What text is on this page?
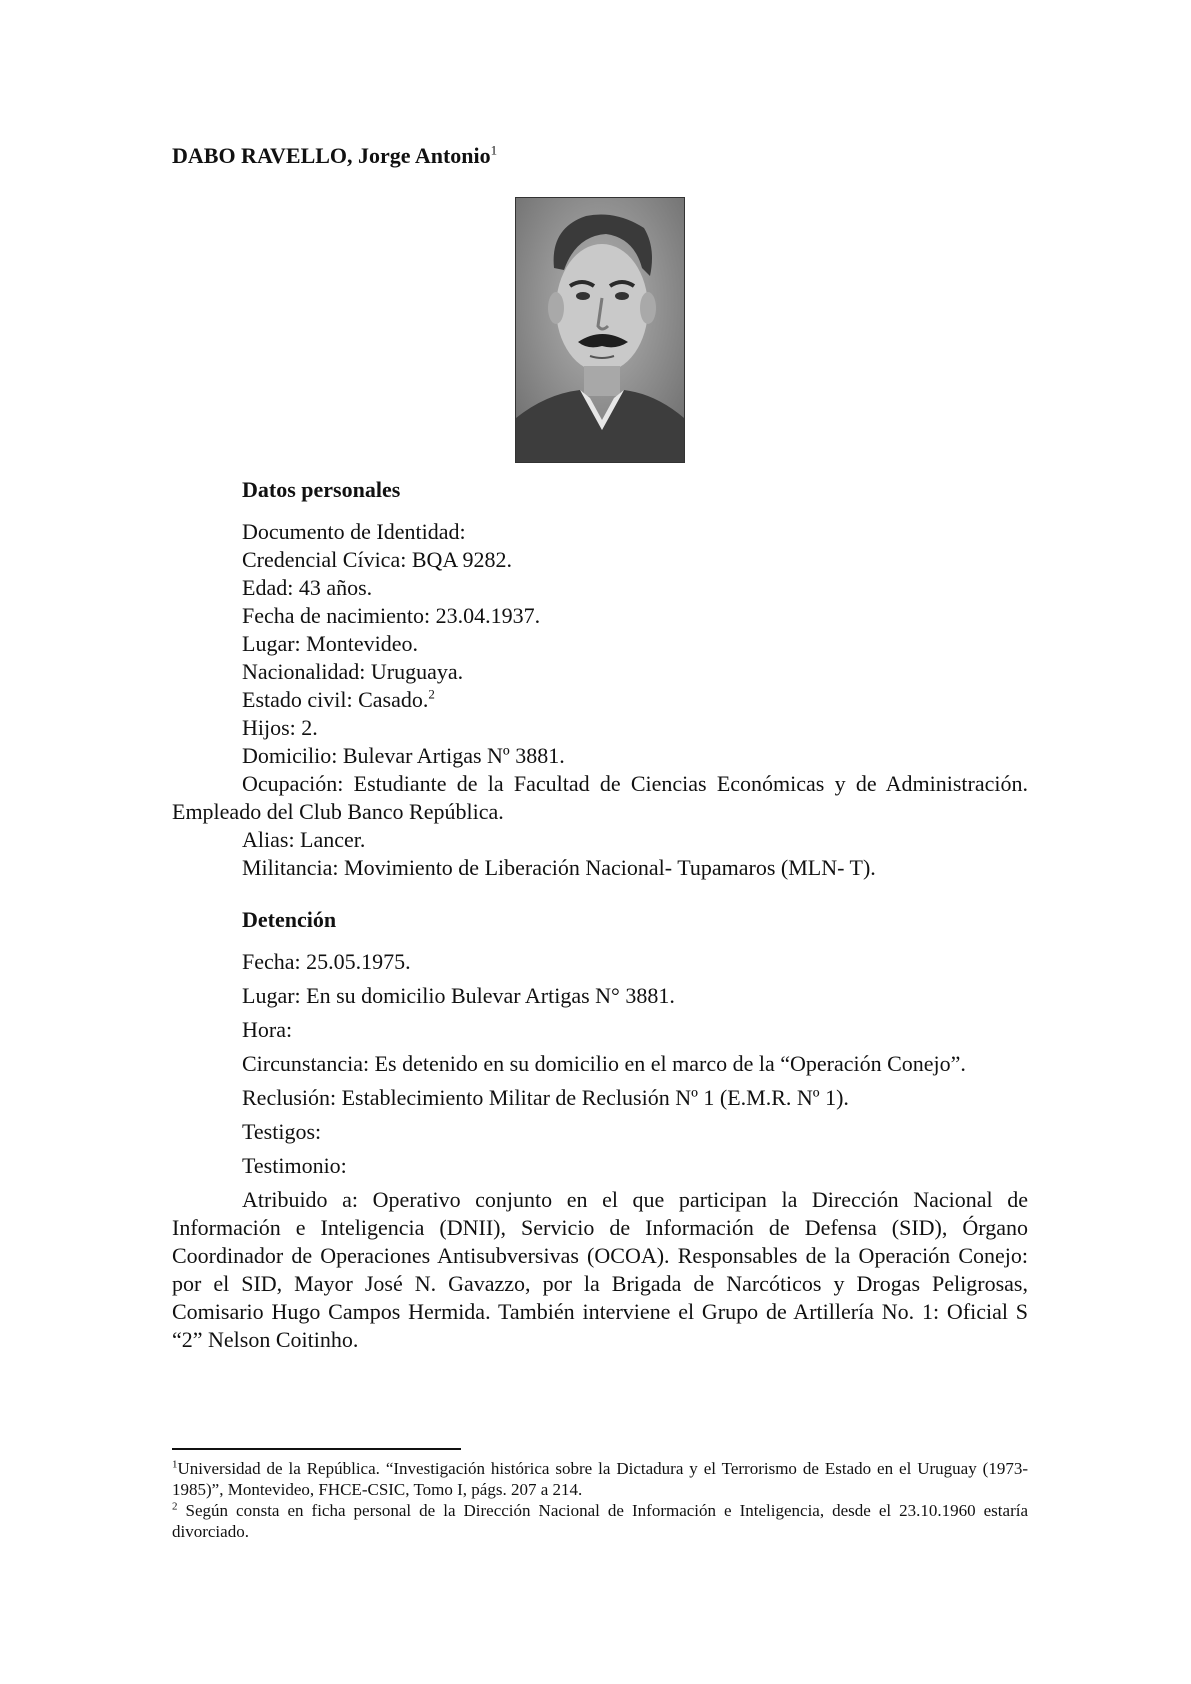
DABO RAVELLO, Jorge Antonio$^1$
Datos personales
Documento de Identidad:
Credencial Cívica: BQA 9282.
Edad: 43 años.
Fecha de nacimiento: 23.04.1937.
Lugar: Montevideo.
Nacionalidad: Uruguaya.
Estado civil: Casado.$^2$
Hijos: 2.
Domicilio: Bulevar Artigas Nº 3881.
Ocupación: Estudiante de la Facultad de Ciencias Económicas y de Administración. Empleado del Club Banco República.
Alias: Lancer.
Militancia: Movimiento de Liberación Nacional- Tupamaros (MLN- T).
Detención
Fecha: 25.05.1975.
Lugar: En su domicilio Bulevar Artigas N° 3881.
Hora:
Circunstancia: Es detenido en su domicilio en el marco de la “Operación Conejo”.
Reclusión: Establecimiento Militar de Reclusión Nº 1 (E.M.R. Nº 1).
Testigos:
Testimonio:
Atribuido a: Operativo conjunto en el que participan la Dirección Nacional de Información e Inteligencia (DNII), Servicio de Información de Defensa (SID), Órgano Coordinador de Operaciones Antisubversivas (OCOA). Responsables de la Operación Conejo: por el SID, Mayor José N. Gavazzo, por la Brigada de Narcóticos y Drogas Peligrosas, Comisario Hugo Campos Hermida. También interviene el Grupo de Artillería No. 1: Oficial S “2” Nelson Coitinho.
$^1$Universidad de la República. “Investigación histórica sobre la Dictadura y el Terrorismo de Estado en el Uruguay (1973-1985)”, Montevideo, FHCE-CSIC, Tomo I, págs. 207 a 214.
$^2$ Según consta en ficha personal de la Dirección Nacional de Información e Inteligencia, desde el 23.10.1960 estaría divorciado.
